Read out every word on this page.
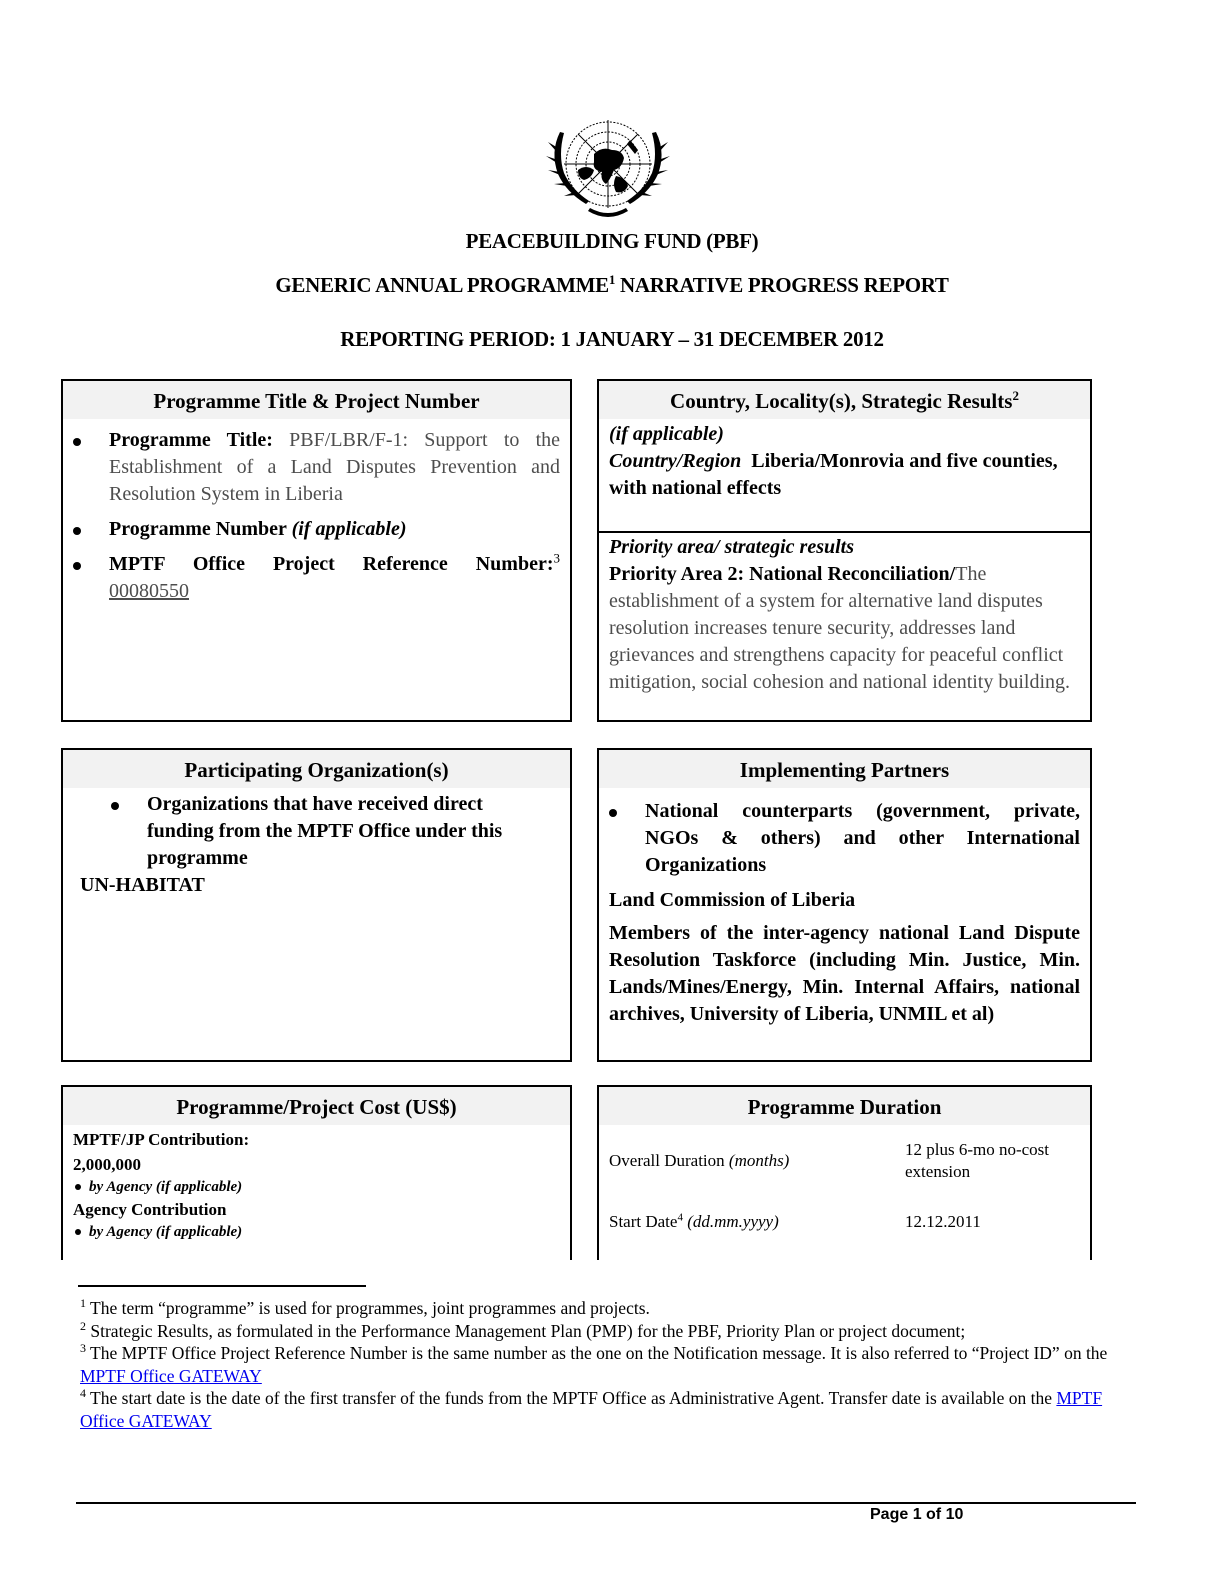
PEACEBUILDING FUND (PBF)
GENERIC ANNUAL PROGRAMME$^1$ NARRATIVE PROGRESS REPORT
REPORTING PERIOD: 1 JANUARY – 31 DECEMBER 2012
Programme Title & Project Number
Programme Title: PBF/LBR/F-1: Support to the Establishment of a Land Disputes Prevention and Resolution System in Liberia
Programme Number (if applicable)
MPTF Office Project Reference Number:$^3$
00080550
Country, Locality(s), Strategic Results$^2$
(if applicable)
Country/Region  Liberia/Monrovia and five counties, with national effects
Priority area/ strategic results
Priority Area 2: National Reconciliation/The establishment of a system for alternative land disputes resolution increases tenure security, addresses land grievances and strengthens capacity for peaceful conflict mitigation, social cohesion and national identity building.
Participating Organization(s)
Organizations that have received direct funding from the MPTF Office under this programme
UN-HABITAT
Implementing Partners
National counterparts (government, private, NGOs & others) and other International Organizations
Land Commission of Liberia
Members of the inter-agency national Land Dispute Resolution Taskforce (including Min. Justice, Min. Lands/Mines/Energy, Min. Internal Affairs, national archives, University of Liberia, UNMIL et al)
Programme/Project Cost (US$)
MPTF/JP Contribution:
2,000,000
by Agency (if applicable)
Agency Contribution
by Agency (if applicable)
Programme Duration
Overall Duration (months)
12 plus 6-mo no-cost extension
Start Date$^4$ (dd.mm.yyyy)	12.12.2011
$^1$ The term “programme” is used for programmes, joint programmes and projects.
$^2$ Strategic Results, as formulated in the Performance Management Plan (PMP) for the PBF, Priority Plan or project document;
$^3$ The MPTF Office Project Reference Number is the same number as the one on the Notification message. It is also referred to “Project ID” on the MPTF Office GATEWAY
$^4$ The start date is the date of the first transfer of the funds from the MPTF Office as Administrative Agent. Transfer date is available on the MPTF Office GATEWAY
Page 1 of 10
